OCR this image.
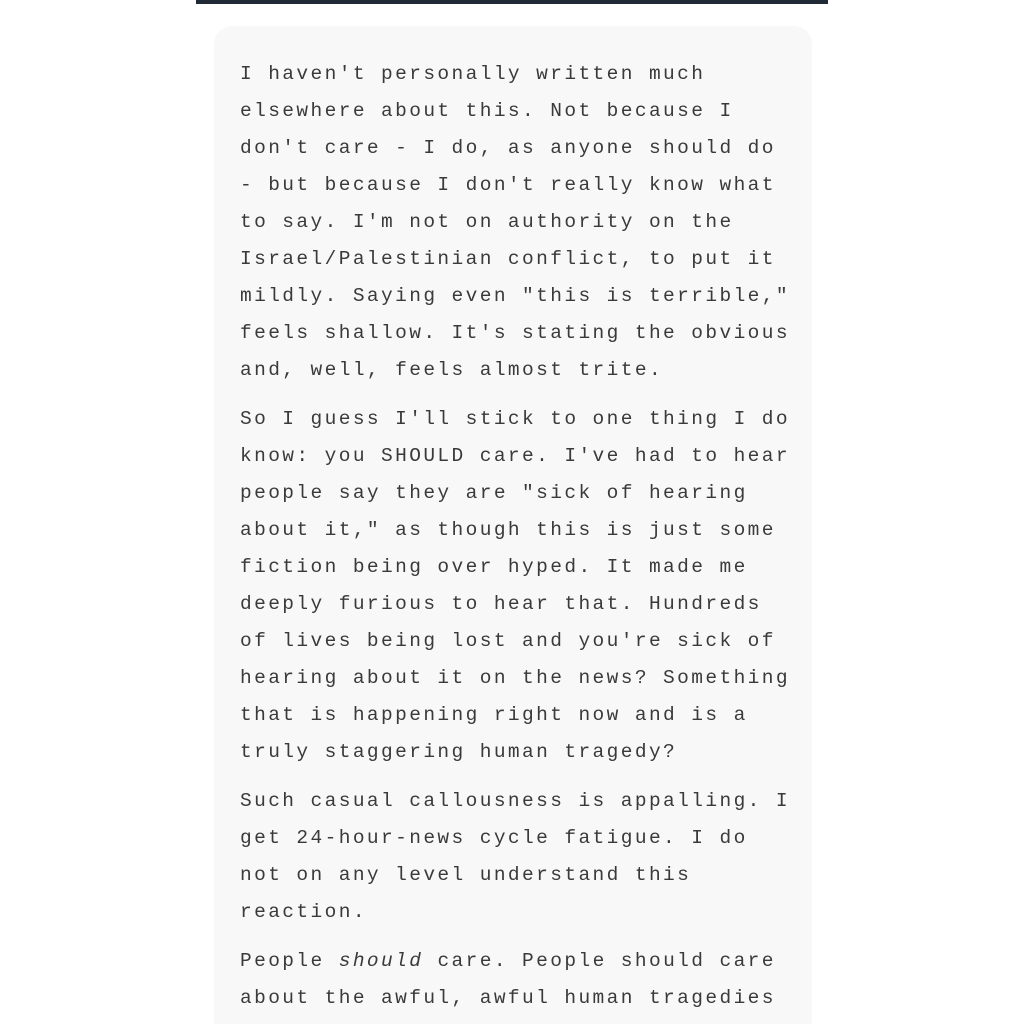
I haven't personally written much
elsewhere about this. Not because I
don't care - I do, as anyone should do
- but because I don't really know what
to say. I'm not on authority on the
Israel/Palestinian conflict, to put it
mildly. Saying even "this is terrible,"
feels shallow. It's stating the obvious
and, well, feels almost trite.
So I guess I'll stick to one thing I do
know: you SHOULD care. I've had to hear
people say they are "sick of hearing
about it," as though this is just some
fiction being over hyped. It made me
deeply furious to hear that. Hundreds
of lives being lost and you're sick of
hearing about it on the news? Something
that is happening right now and is a
truly staggering human tragedy?
Such casual callousness is appalling. I
get 24-hour-news cycle fatigue. I do
not on any level understand this
reaction.
People should care. People should care
about the awful, awful human tragedies
